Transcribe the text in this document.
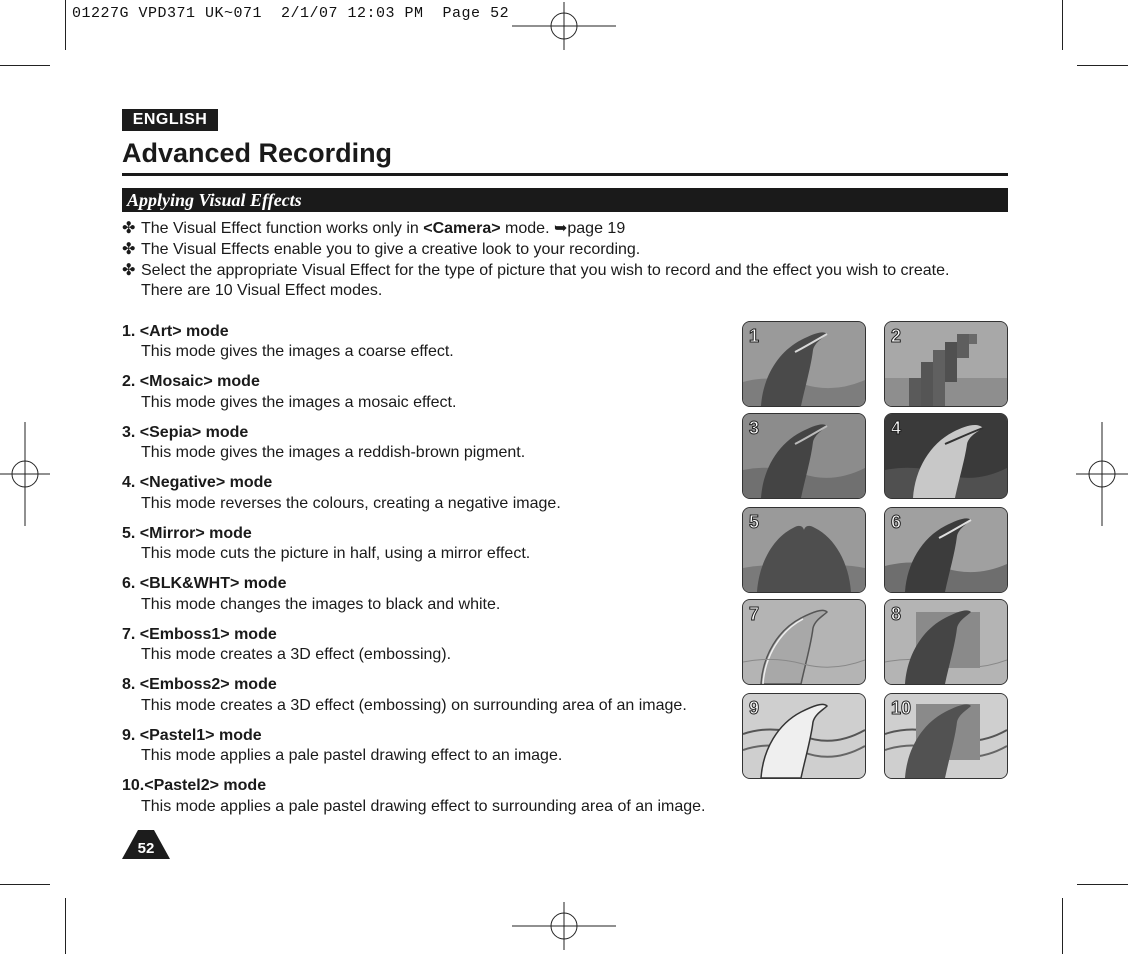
01227G VPD371 UK~071  2/1/07 12:03 PM  Page 52
ENGLISH
Advanced Recording
Applying Visual Effects
✤ The Visual Effect function works only in <Camera> mode. ➥page 19
✤ The Visual Effects enable you to give a creative look to your recording.
✤ Select the appropriate Visual Effect for the type of picture that you wish to record and the effect you wish to create.
There are 10 Visual Effect modes.
1. <Art> mode
This mode gives the images a coarse effect.
2. <Mosaic> mode
This mode gives the images a mosaic effect.
3. <Sepia> mode
This mode gives the images a reddish-brown pigment.
4. <Negative> mode
This mode reverses the colours, creating a negative image.
5. <Mirror> mode
This mode cuts the picture in half, using a mirror effect.
6. <BLK&WHT> mode
This mode changes the images to black and white.
7. <Emboss1> mode
This mode creates a 3D effect (embossing).
8. <Emboss2> mode
This mode creates a 3D effect (embossing) on surrounding area of an image.
9. <Pastel1> mode
This mode applies a pale pastel drawing effect to an image.
10.<Pastel2> mode
This mode applies a pale pastel drawing effect to surrounding area of an image.
1	2
3	4
5	6
7	8
9	10
52
